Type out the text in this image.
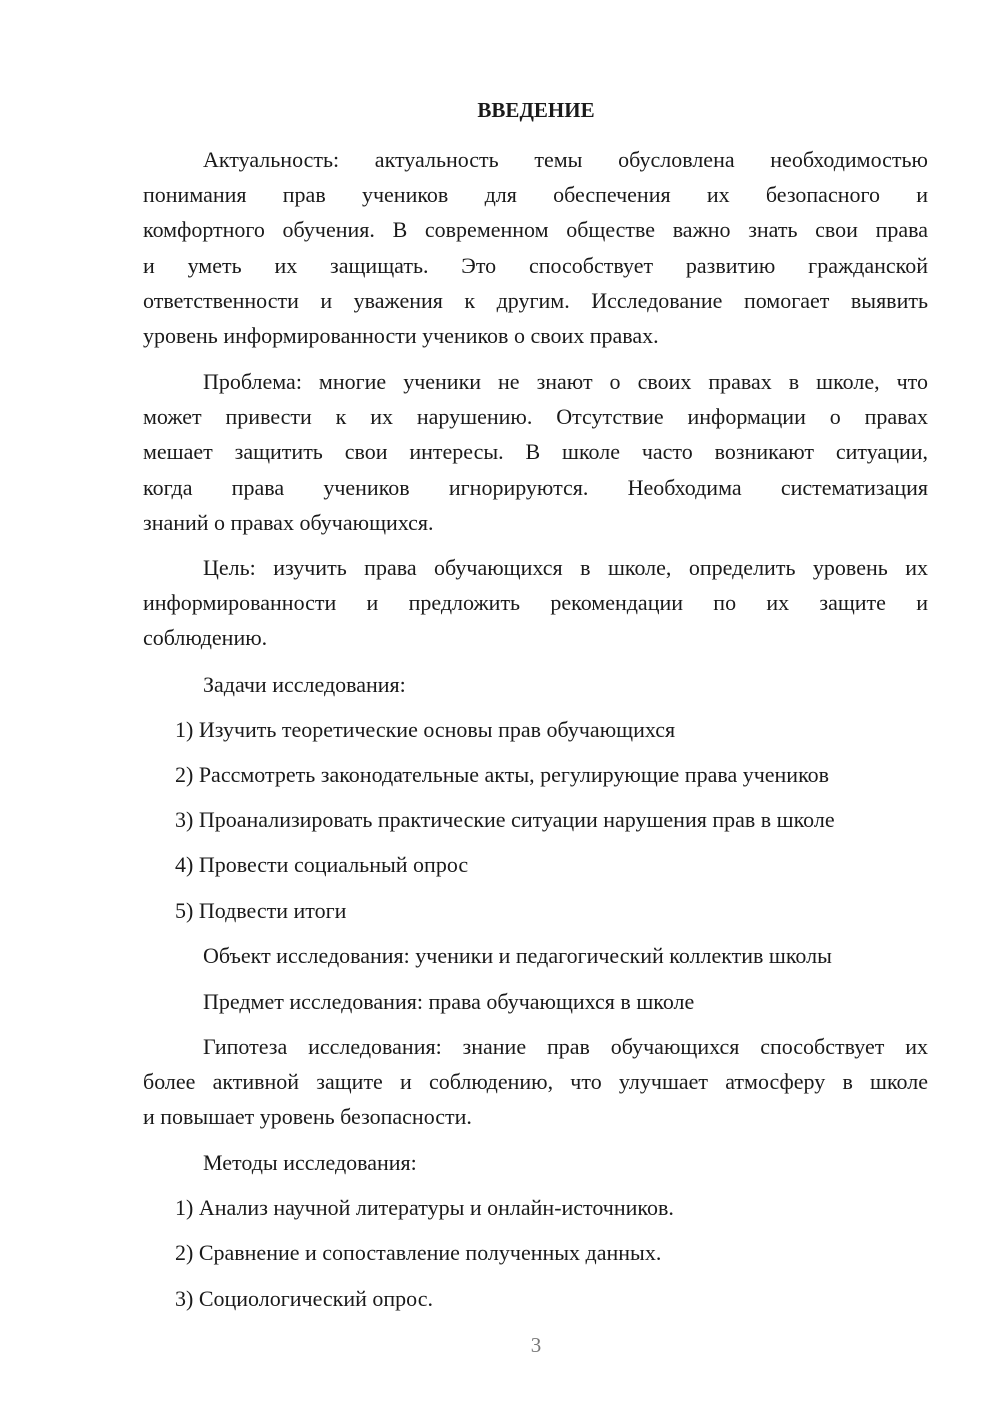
ВВЕДЕНИЕ
Актуальность: актуальность темы обусловлена необходимостью
понимания прав учеников для обеспечения их безопасного и
комфортного обучения. В современном обществе важно знать свои права
и уметь их защищать. Это способствует развитию гражданской
ответственности и уважения к другим. Исследование помогает выявить
уровень информированности учеников о своих правах.
Проблема: многие ученики не знают о своих правах в школе, что
может привести к их нарушению. Отсутствие информации о правах
мешает защитить свои интересы. В школе часто возникают ситуации,
когда права учеников игнорируются. Необходима систематизация
знаний о правах обучающихся.
Цель: изучить права обучающихся в школе, определить уровень их
информированности и предложить рекомендации по их защите и
соблюдению.
Задачи исследования:
1) Изучить теоретические основы прав обучающихся
2) Рассмотреть законодательные акты, регулирующие права учеников
3) Проанализировать практические ситуации нарушения прав в школе
4) Провести социальный опрос
5) Подвести итоги
Объект исследования: ученики и педагогический коллектив школы
Предмет исследования: права обучающихся в школе
Гипотеза исследования: знание прав обучающихся способствует их
более активной защите и соблюдению, что улучшает атмосферу в школе
и повышает уровень безопасности.
Методы исследования:
1) Анализ научной литературы и онлайн-источников.
2) Сравнение и сопоставление полученных данных.
3) Социологический опрос.
3
